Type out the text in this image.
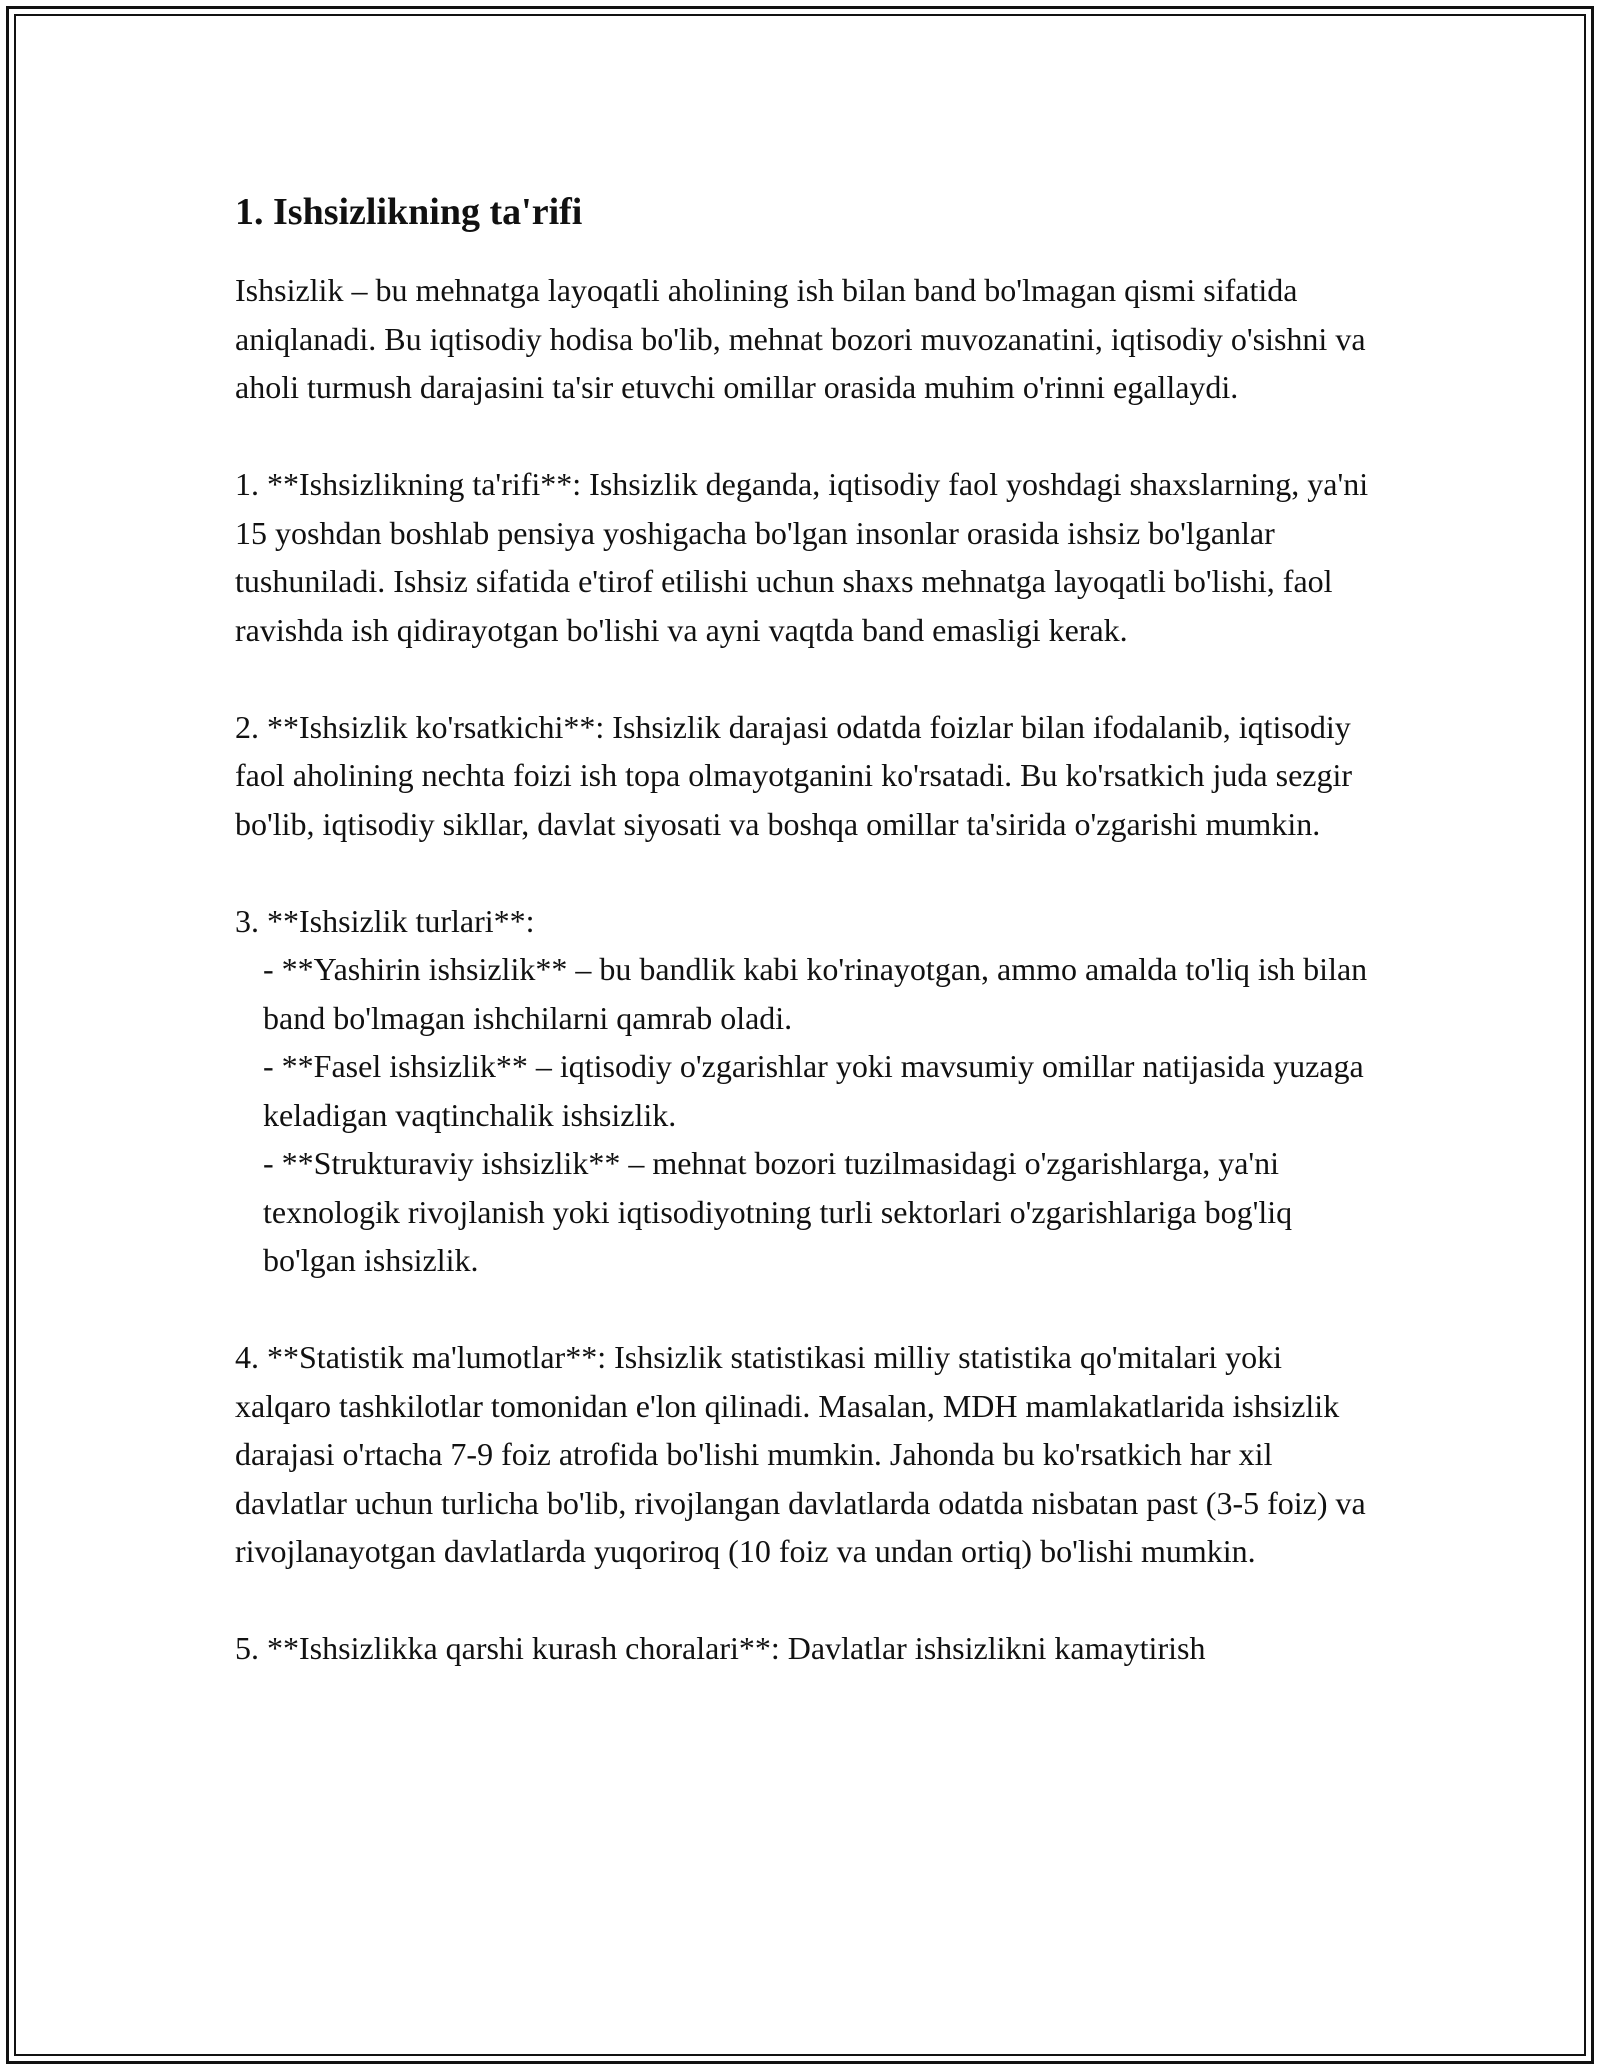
1. Ishsizlikning ta'rifi

Ishsizlik – bu mehnatga layoqatli aholining ish bilan band bo'lmagan qismi sifatida aniqlanadi. Bu iqtisodiy hodisa bo'lib, mehnat bozori muvozanatini, iqtisodiy o'sishni va aholi turmush darajasini ta'sir etuvchi omillar orasida muhim o'rinni egallaydi.

1. **Ishsizlikning ta'rifi**: Ishsizlik deganda, iqtisodiy faol yoshdagi shaxslarning, ya'ni 15 yoshdan boshlab pensiya yoshigacha bo'lgan insonlar orasida ishsiz bo'lganlar tushuniladi. Ishsiz sifatida e'tirof etilishi uchun shaxs mehnatga layoqatli bo'lishi, faol ravishda ish qidirayotgan bo'lishi va ayni vaqtda band emasligi kerak.

2. **Ishsizlik ko'rsatkichi**: Ishsizlik darajasi odatda foizlar bilan ifodalanib, iqtisodiy faol aholining nechta foizi ish topa olmayotganini ko'rsatadi. Bu ko'rsatkich juda sezgir bo'lib, iqtisodiy sikllar, davlat siyosati va boshqa omillar ta'sirida o'zgarishi mumkin.

3. **Ishsizlik turlari**:

- **Yashirin ishsizlik** – bu bandlik kabi ko'rinayotgan, ammo amalda to'liq ish bilan band bo'lmagan ishchilarni qamrab oladi.

- **Fasel ishsizlik** – iqtisodiy o'zgarishlar yoki mavsumiy omillar natijasida yuzaga keladigan vaqtinchalik ishsizlik.

- **Strukturaviy ishsizlik** – mehnat bozori tuzilmasidagi o'zgarishlarga, ya'ni texnologik rivojlanish yoki iqtisodiyotning turli sektorlari o'zgarishlariga bog'liq bo'lgan ishsizlik.

4. **Statistik ma'lumotlar**: Ishsizlik statistikasi milliy statistika qo'mitalari yoki xalqaro tashkilotlar tomonidan e'lon qilinadi. Masalan, MDH mamlakatlarida ishsizlik darajasi o'rtacha 7-9 foiz atrofida bo'lishi mumkin. Jahonda bu ko'rsatkich har xil davlatlar uchun turlicha bo'lib, rivojlangan davlatlarda odatda nisbatan past (3-5 foiz) va rivojlanayotgan davlatlarda yuqoriroq (10 foiz va undan ortiq) bo'lishi mumkin.

5. **Ishsizlikka qarshi kurash choralari**: Davlatlar ishsizlikni kamaytirish
